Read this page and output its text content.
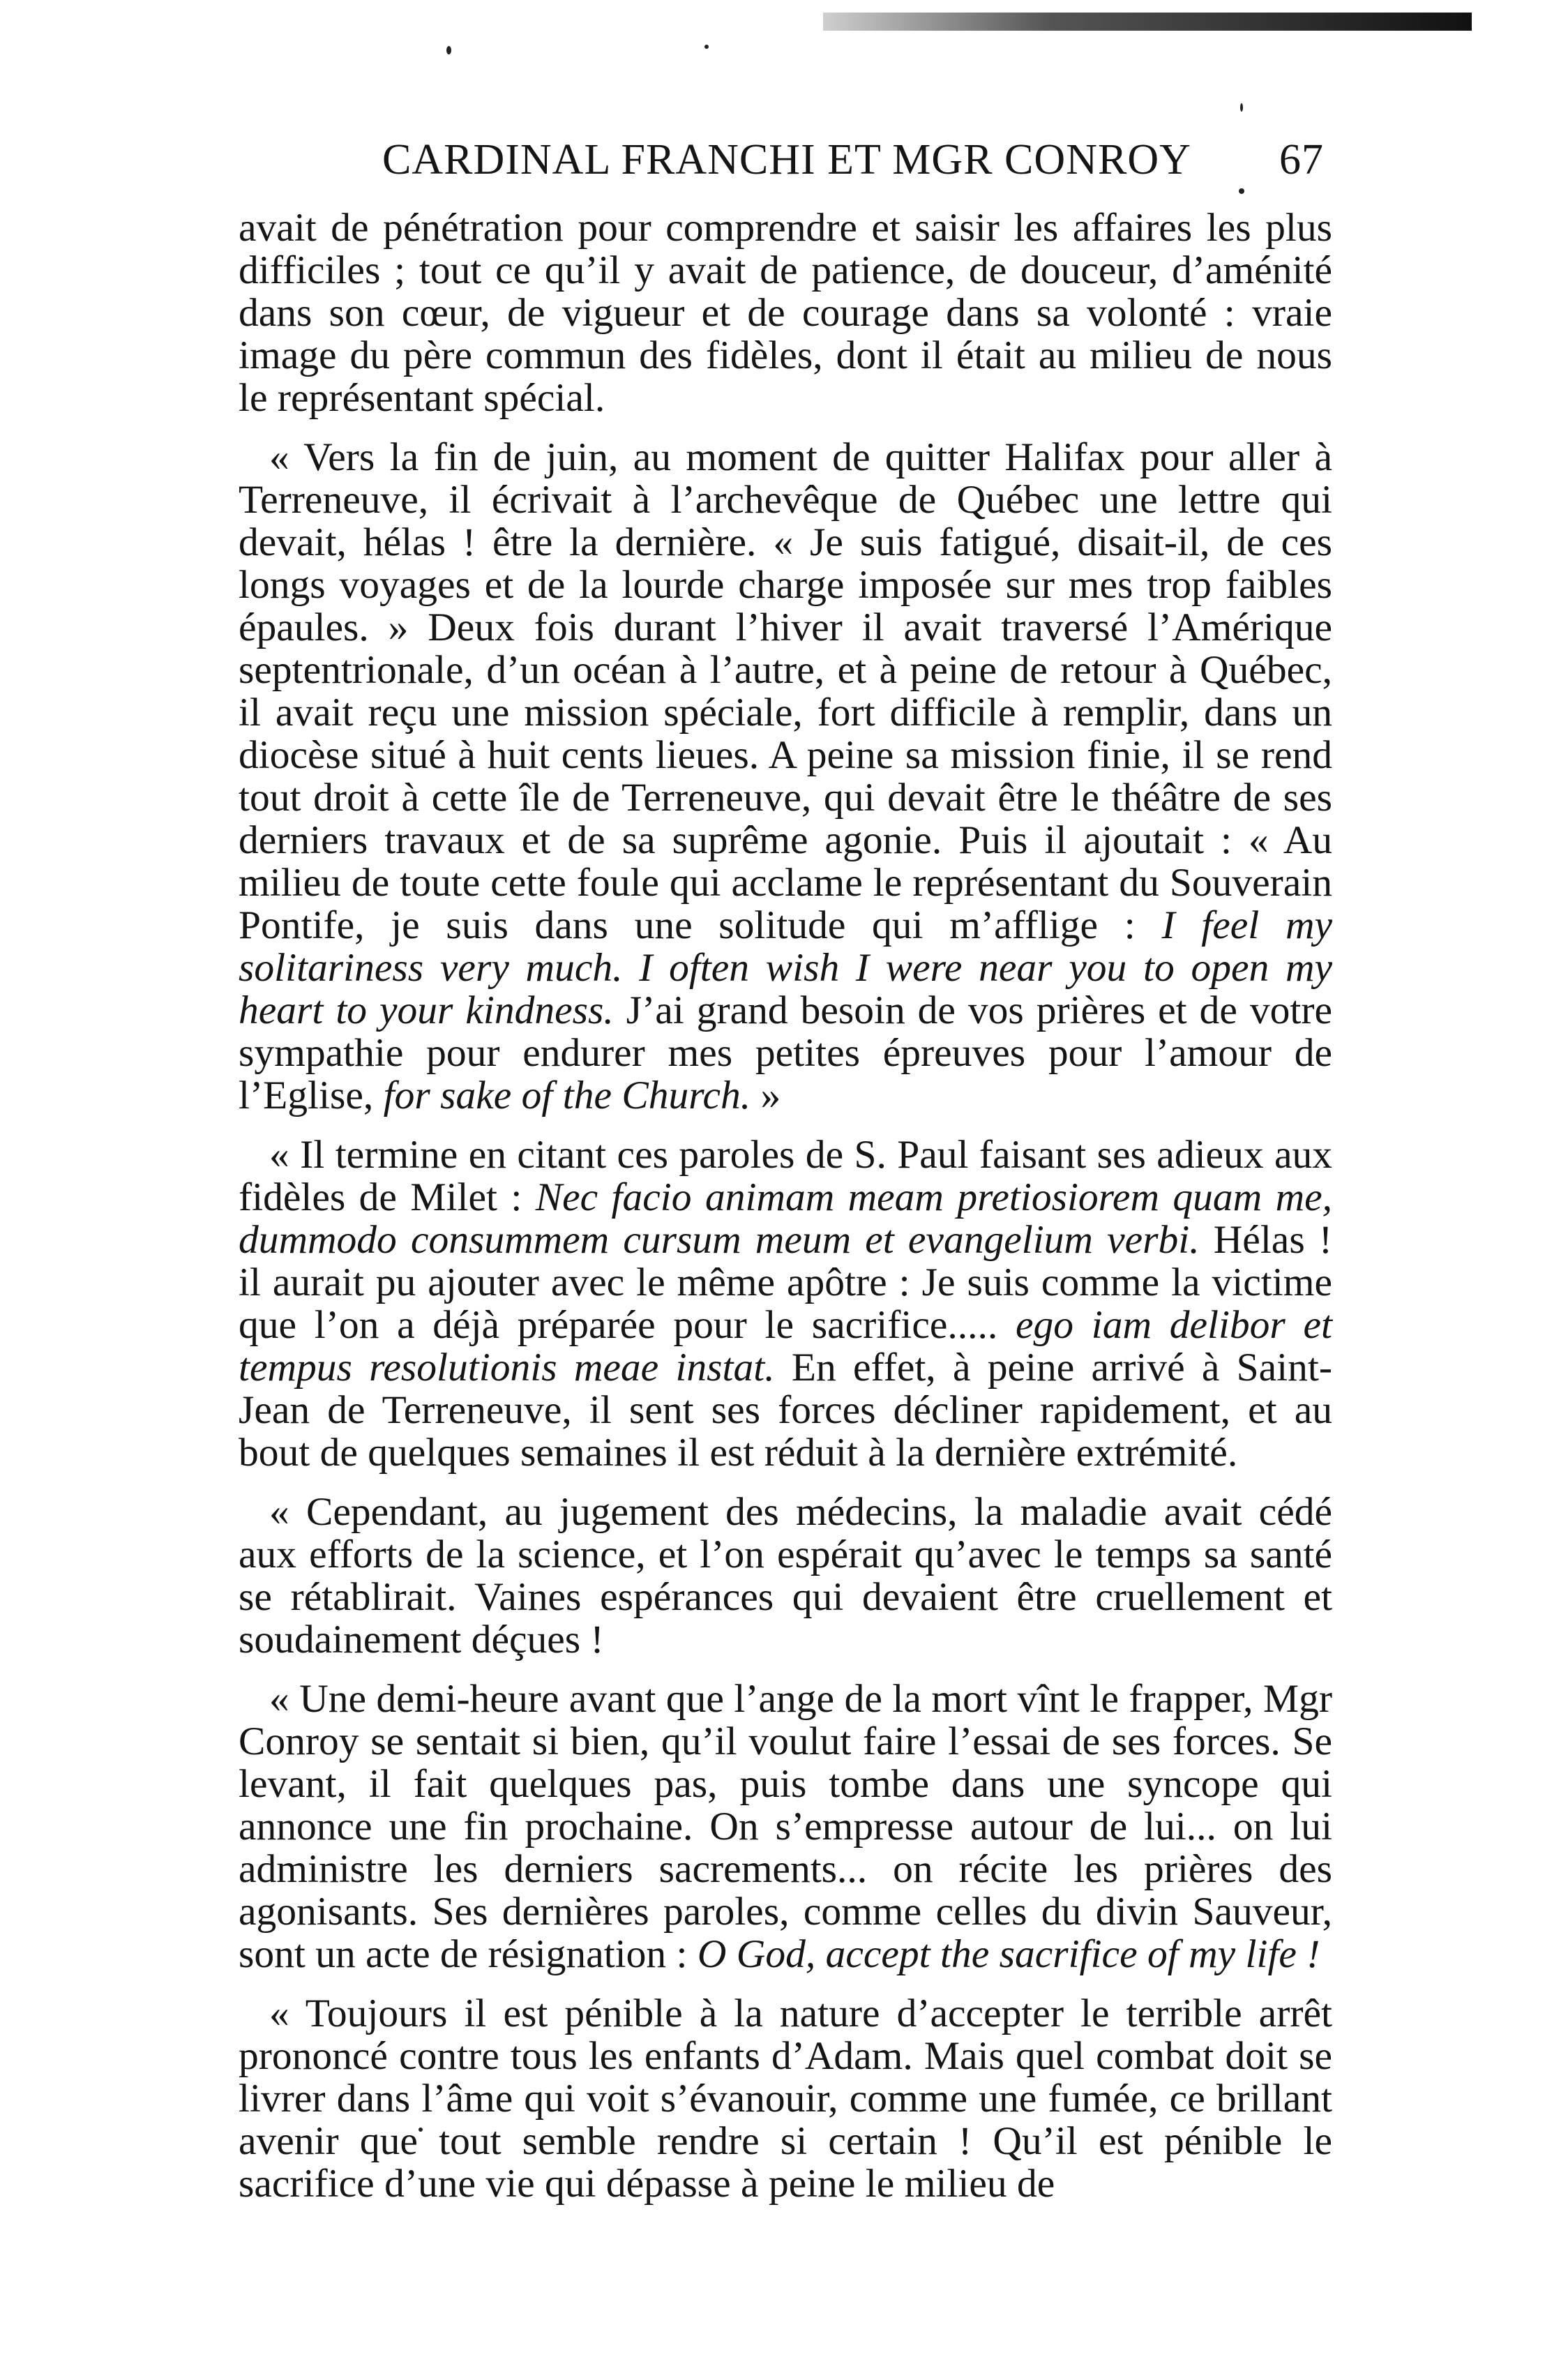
CARDINAL FRANCHI ET MGR CONROY 67

avait de pénétration pour comprendre et saisir les affaires les plus difficiles ; tout ce qu’il y avait de patience, de douceur, d’aménité dans son cœur, de vigueur et de courage dans sa volonté : vraie image du père commun des fidèles, dont il était au milieu de nous le représentant spécial.

« Vers la fin de juin, au moment de quitter Halifax pour aller à Terreneuve, il écrivait à l’archevêque de Québec une lettre qui devait, hélas ! être la dernière. « Je suis fatigué, disait-il, de ces longs voyages et de la lourde charge imposée sur mes trop faibles épaules. » Deux fois durant l’hiver il avait traversé l’Amérique septentrionale, d’un océan à l’autre, et à peine de retour à Québec, il avait reçu une mission spéciale, fort difficile à remplir, dans un diocèse situé à huit cents lieues. A peine sa mission finie, il se rend tout droit à cette île de Terreneuve, qui devait être le théâtre de ses derniers travaux et de sa suprême agonie. Puis il ajoutait : « Au milieu de toute cette foule qui acclame le représentant du Souverain Pontife, je suis dans une solitude qui m’afflige : I feel my solitariness very much. I often wish I were near you to open my heart to your kindness. J’ai grand besoin de vos prières et de votre sympathie pour endurer mes petites épreuves pour l’amour de l’Eglise, for sake of the Church. »

« Il termine en citant ces paroles de S. Paul faisant ses adieux aux fidèles de Milet : Nec facio animam meam pretiosiorem quam me, dummodo consummem cursum meum et evangelium verbi. Hélas ! il aurait pu ajouter avec le même apôtre : Je suis comme la victime que l’on a déjà préparée pour le sacrifice..... ego iam delibor et tempus resolutionis meae instat. En effet, à peine arrivé à Saint-Jean de Terreneuve, il sent ses forces décliner rapidement, et au bout de quelques semaines il est réduit à la dernière extrémité.

« Cependant, au jugement des médecins, la maladie avait cédé aux efforts de la science, et l’on espérait qu’avec le temps sa santé se rétablirait. Vaines espérances qui devaient être cruellement et soudainement déçues !

« Une demi-heure avant que l’ange de la mort vînt le frapper, Mgr Conroy se sentait si bien, qu’il voulut faire l’essai de ses forces. Se levant, il fait quelques pas, puis tombe dans une syncope qui annonce une fin prochaine. On s’empresse autour de lui... on lui administre les derniers sacrements... on récite les prières des agonisants. Ses dernières paroles, comme celles du divin Sauveur, sont un acte de résignation : O God, accept the sacrifice of my life !

« Toujours il est pénible à la nature d’accepter le terrible arrêt prononcé contre tous les enfants d’Adam. Mais quel combat doit se livrer dans l’âme qui voit s’évanouir, comme une fumée, ce brillant avenir que tout semble rendre si certain ! Qu’il est pénible le sacrifice d’une vie qui dépasse à peine le milieu de
